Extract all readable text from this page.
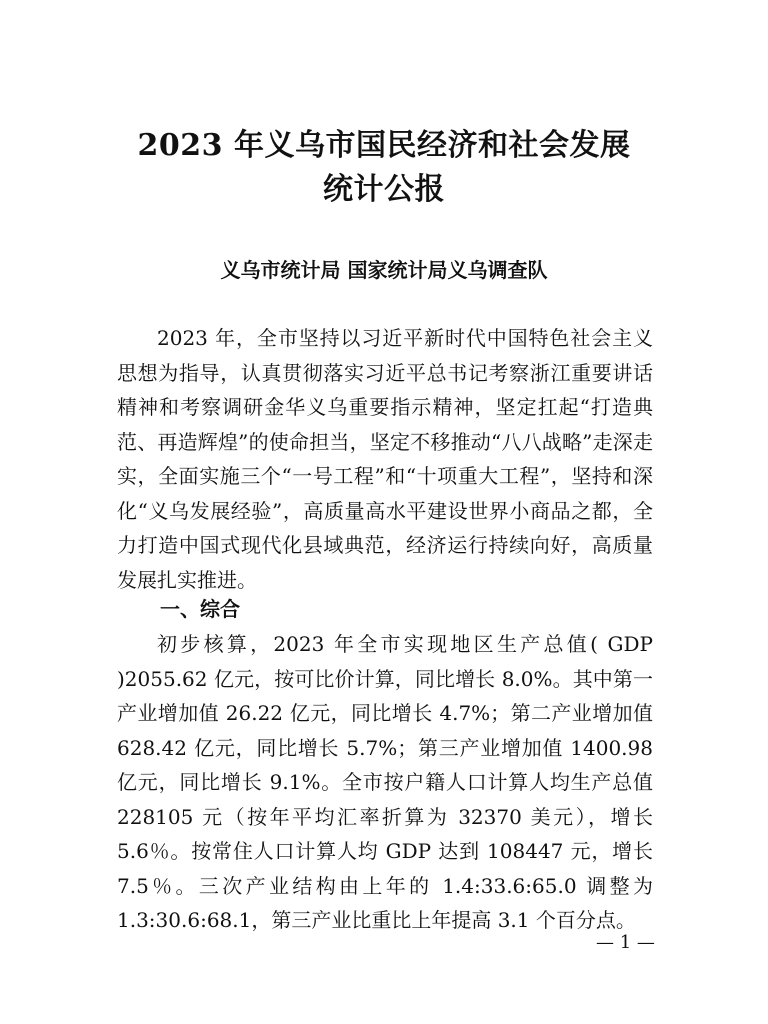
2023 年义乌市国民经济和社会发展
统计公报
义乌市统计局 国家统计局义乌调查队

2023 年，全市坚持以习近平新时代中国特色社会主义思想为指导，认真贯彻落实习近平总书记考察浙江重要讲话精神和考察调研金华义乌重要指示精神，坚定扛起“打造典范、再造辉煌”的使命担当，坚定不移推动“八八战略”走深走实，全面实施三个“一号工程”和“十项重大工程”，坚持和深化“义乌发展经验”，高质量高水平建设世界小商品之都，全力打造中国式现代化县域典范，经济运行持续向好，高质量发展扎实推进。

一、综合

初步核算，2023 年全市实现地区生产总值( GDP )2055.62 亿元，按可比价计算，同比增长 8.0%。其中第一产业增加值 26.22 亿元，同比增长 4.7%；第二产业增加值 628.42 亿元，同比增长 5.7%；第三产业增加值 1400.98 亿元，同比增长 9.1%。全市按户籍人口计算人均生产总值 228105 元（按年平均汇率折算为 32370 美元），增长 5.6％。按常住人口计算人均 GDP 达到 108447 元，增长 7.5％。三次产业结构由上年的 1.4:33.6:65.0 调整为 1.3:30.6:68.1，第三产业比重比上年提高 3.1 个百分点。

— 1 —
